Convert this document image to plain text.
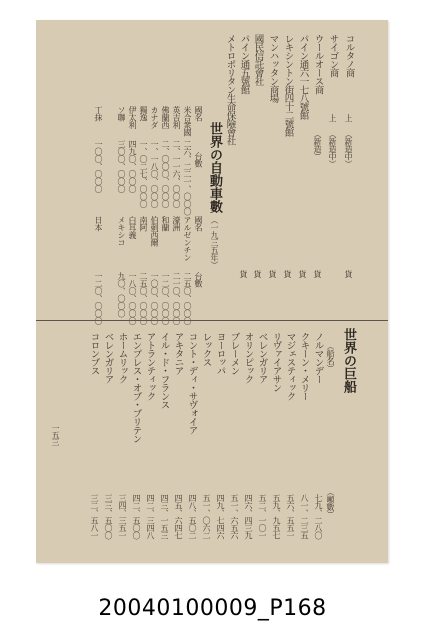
コルタノ商
上
（新造中）
貨
サイゴン商
上
（新造中）
ウールオース商
（新造）
貨
パイン通六一七八號館
貨
レキシントン街四十二號館
貨
マンハッタン商場
貨
國民信託會社
貨
パイン通五號館
貨
メトロポリタン生命保險會社
世界の自動車數
（一九三五年）
國名
台數
國名
台數
米合衆國
二六、二二一、〇〇〇
アルゼンチン
二五〇、〇〇〇
英吉利
二、一一六、〇〇〇
濠洲
二一〇、〇〇〇
佛蘭西
二、〇〇〇、〇〇〇
和蘭
一二〇、〇〇〇
カナダ
一、一八〇、〇〇〇
伯刺西爾
一〇〇、〇〇〇
獨逸
一、〇二七、〇〇〇
南阿
二五〇、〇〇〇
伊太利
四九〇、〇〇〇
白耳義
一八〇、〇〇〇
ソ聯
三〇〇、〇〇〇
メキシコ
九〇、〇〇〇
丁抹
一〇〇、〇〇〇
日本
一二〇、〇〇〇
世界の巨船
（船名）
（噸數）
ノルマンデー
七九、二八〇
クキーン・メリー
八一、二三五
マジェスティック
五六、五五一
リヴァイアサン
五九、九五七
ベレンガリア
五二、一〇一
オリンピック
四六、四三九
ブレーメン
五一、六五六
ヨーロッパ
四九、七四六
レックス
五一、〇六二
コント・ディ・サヴォイア
四八、五〇二
アキタニア
四五、六四七
イル・ド・フランス
四三、一五三
アトランティック
四二、三四八
エンプレス・オブ・ブリテン
四二、五〇〇
ホームリック
三四、三五一
ベレンガリア
三三、五〇〇
コロンブス
三二、五八一
一五三
20040100009_P168
